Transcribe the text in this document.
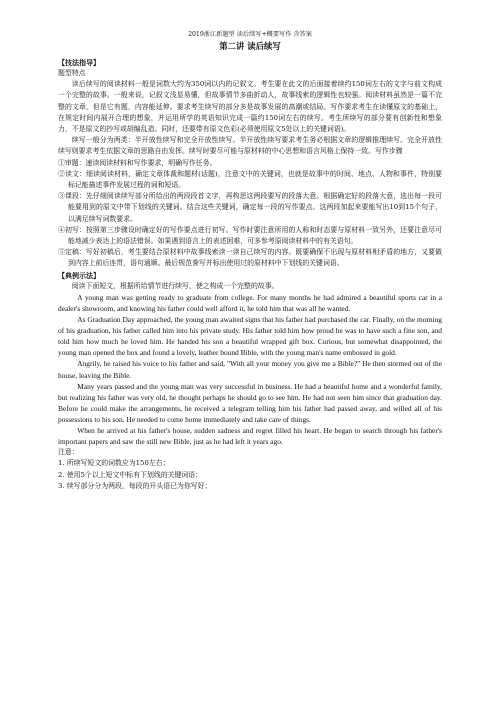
2019浙江新题型 读后续写+概要写作 含答案
第二讲 读后续写
【技法指导】
题型特点

读后续写的阅读材料一般是词数大约为350词以内的记叙文。考生要在此文的后面接着续约150词左右的文字与前文构成一个完整的故事。一般来说，记叙文浅显易懂，但故事情节多曲折动人，故事线索的逻辑性也较强。阅读材料虽然是一篇不完整的文章，但是它有题，内容能延伸。要求考生续写的部分多是故事发展的高潮或结局。写作要求考生在读懂原文的基础上，在规定时间内展开合理的想象，并运用所学的英语知识完成一篇约150词左右的续写。考生所续写的部分要有创新性和想象力，不是原文的抄写或胡编乱造。同时，还要带有原文色彩(必须使用原文5处以上的关键词语)。

续写一般分为两类：半开放性续写和完全开放性续写。半开放性续写要求考生务必根据文章的逻辑推理续写。完全开放性续写则要求考生依据文章的思路自由发挥。续写时要尽可能与原材料的中心思想和语言风格上保持一致。写作步骤

①审题：速读阅读材料和写作要求，明确写作任务。

②读文：细读阅读材料，确定文章体裁和题材(话题)，注意文中的关键词，也就是故事中的时间、地点、人物和事件，特别要标记能描述事件发展过程的词和短语。

③课段：先仔细阅读续写部分所给出的两段段首文字，再构思这两段要写的段落大意。根据确定好的段落大意，选出每一段可能要用到的原文中带下划线的关键词。结合这些关键词，确定每一段的写作要点。这两段加起来要能写出10到15个句子，以满足续写词数要求。

④初写：按照第三步骤设时确定好的写作要点进行初写。写作时要注意所用的人称和时态要与原材料一致另外，还要注意尽可能地减少表达上的语法错误。如果遇到语言上的表述困难，可多参考原阅读材料中的有关语句。

⑤定稿：写好初稿后，考生要结合原材料中故事线索读一读自己续写的内容。既要确保不出现与原材料相矛盾的地方，又要做到内容上前后连贯，语句通顺。最后规范誊写并标出使用过的原材料中下划线的关键词语。

【典例示法】

阅读下面短文，根据所给情节进行续写，使之构成一个完整的故事。

A young man was getting ready to graduate from college. For many months he had admired a beautiful sports car in a dealer's showroom, and knowing his father could well afford it, he told him that was all he wanted.

As Graduation Day approached, the young man awaited signs that his father had purchased the car. Finally, on the morning of his graduation, his father called him into his private study. His father told him how proud he was to have such a fine son, and told him how much he loved him. He handed his son a beautiful wrapped gift box. Curious, but somewhat disappointed, the young man opened the box and found a lovely, leather bound Bible, with the young man's name embossed in gold.

Angrily, he raised his voice to his father and said, "With all your money you give me a Bible?" He then stormed out of the house, leaving the Bible.

Many years passed and the young man was very successful in business. He had a beautiful home and a wonderful family, but realizing his father was very old, he thought perhaps he should go to see him. He had not seen him since that graduation day. Before he could make the arrangements, he received a telegram telling him his father had passed away, and willed all of his possessions to his son. He needed to come home immediately and take care of things.

When he arrived at his father's house, sudden sadness and regret filled his heart. He began to search through his father's important papers and saw the still new Bible, just as he had left it years ago.

注意：
1. 所续写短文的词数应为150左右；
2. 使用5个以上短文中标有下划线的关键词语；
3. 续写部分分为两段，每段的开头语已为你写好；
